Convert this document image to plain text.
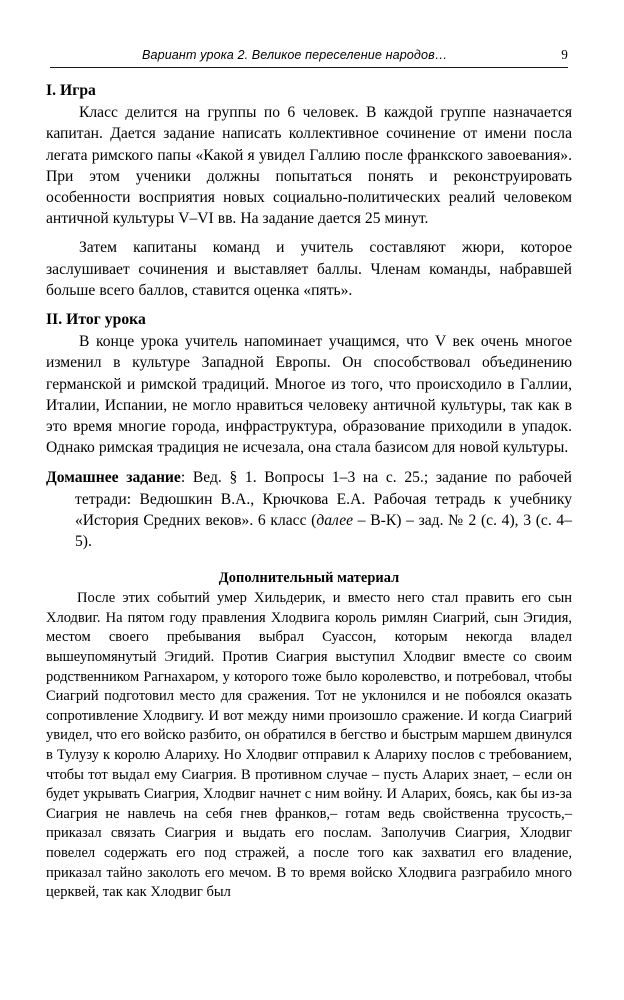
Вариант урока 2. Великое переселение народов…	9
I. Игра

Класс делится на группы по 6 человек. В каждой группе назначается капитан. Дается задание написать коллективное сочинение от имени посла легата римского папы «Какой я увидел Галлию после франкского завоевания». При этом ученики должны попытаться понять и реконструировать особенности восприятия новых социально-политических реалий человеком античной культуры V–VI вв. На задание дается 25 минут.

Затем капитаны команд и учитель составляют жюри, которое заслушивает сочинения и выставляет баллы. Членам команды, набравшей больше всего баллов, ставится оценка «пять».

II. Итог урока

В конце урока учитель напоминает учащимся, что V век очень многое изменил в культуре Западной Европы. Он способствовал объединению германской и римской традиций. Многое из того, что происходило в Галлии, Италии, Испании, не могло нравиться человеку античной культуры, так как в это время многие города, инфраструктура, образование приходили в упадок. Однако римская традиция не исчезала, она стала базисом для новой культуры.

Домашнее задание: Вед. § 1. Вопросы 1–3 на с. 25.; задание по рабочей тетради: Ведюшкин В.А., Крючкова Е.А. Рабочая тетрадь к учебнику «История Средних веков». 6 класс (далее – В-К) – зад. № 2 (с. 4), 3 (с. 4–5).

Дополнительный материал

После этих событий умер Хильдерик, и вместо него стал править его сын Хлодвиг. На пятом году правления Хлодвига король римлян Сиагрий, сын Эгидия, местом своего пребывания выбрал Суассон, которым некогда владел вышеупомянутый Эгидий. Против Сиагрия выступил Хлодвиг вместе со своим родственником Рагнахаром, у которого тоже было королевство, и потребовал, чтобы Сиагрий подготовил место для сражения. Тот не уклонился и не побоялся оказать сопротивление Хлодвигу. И вот между ними произошло сражение. И когда Сиагрий увидел, что его войско разбито, он обратился в бегство и быстрым маршем двинулся в Тулузу к королю Алариху. Но Хлодвиг отправил к Алариху послов с требованием, чтобы тот выдал ему Сиагрия. В противном случае – пусть Аларих знает, – если он будет укрывать Сиагрия, Хлодвиг начнет с ним войну. И Аларих, боясь, как бы из-за Сиагрия не навлечь на себя гнев франков,– готам ведь свойственна трусость,– приказал связать Сиагрия и выдать его послам. Заполучив Сиагрия, Хлодвиг повелел содержать его под стражей, а после того как захватил его владение, приказал тайно заколоть его мечом. В то время войско Хлодвига разграбило много церквей, так как Хлодвиг был
